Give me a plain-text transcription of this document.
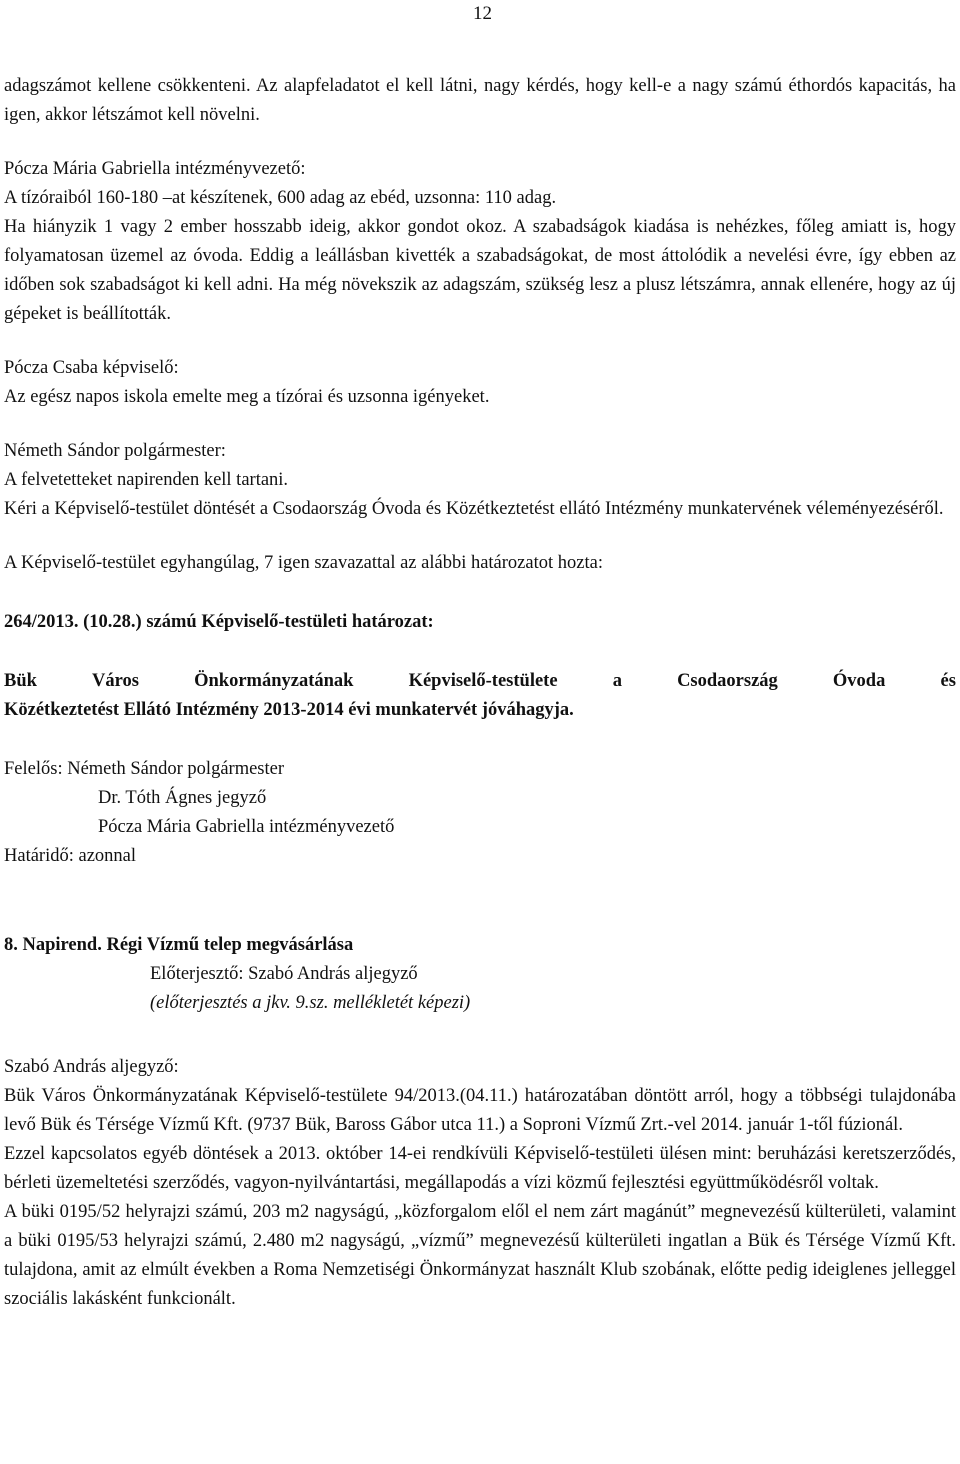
12

adagszámot kellene csökkenteni. Az alapfeladatot el kell látni, nagy kérdés, hogy kell-e a nagy számú éthordós kapacitás, ha igen, akkor létszámot kell növelni.

Pócza Mária Gabriella intézményvezető:

A tízóraiból 160-180 –at készítenek, 600 adag az ebéd, uzsonna: 110 adag.

Ha hiányzik 1 vagy 2 ember hosszabb ideig, akkor gondot okoz. A szabadságok kiadása is nehézkes, főleg amiatt is, hogy folyamatosan üzemel az óvoda. Eddig a leállásban kivették a szabadságokat, de most áttolódik a nevelési évre, így ebben az időben sok szabadságot ki kell adni. Ha még növekszik az adagszám, szükség lesz a plusz létszámra, annak ellenére, hogy az új gépeket is beállították.

Pócza Csaba képviselő:

Az egész napos iskola emelte meg a tízórai és uzsonna igényeket.

Németh Sándor polgármester:

A felvetetteket napirenden kell tartani.

Kéri a Képviselő-testület döntését a Csodaország Óvoda és Közétkeztetést ellátó Intézmény munkatervének véleményezéséről.

A Képviselő-testület egyhangúlag, 7 igen szavazattal az alábbi határozatot hozta:

264/2013. (10.28.) számú Képviselő-testületi határozat:

Bük	Város	Önkormányzatának	Képviselő-testülete	a	Csodaország	Óvoda	és

Közétkeztetést Ellátó Intézmény 2013-2014 évi munkatervét jóváhagyja.

Felelős: Németh Sándor polgármester

Dr. Tóth Ágnes jegyző

Pócza Mária Gabriella intézményvezető

Határidő: azonnal

8. Napirend. Régi Vízmű telep megvásárlása

Előterjesztő: Szabó András aljegyző

(előterjesztés a jkv. 9.sz. mellékletét képezi)

Szabó András aljegyző:

Bük Város Önkormányzatának Képviselő-testülete 94/2013.(04.11.) határozatában döntött arról, hogy a többségi tulajdonába levő Bük és Térsége Vízmű Kft. (9737 Bük, Baross Gábor utca 11.) a Soproni Vízmű Zrt.-vel 2014. január 1-től fúzionál.

Ezzel kapcsolatos egyéb döntések a 2013. október 14-ei rendkívüli Képviselő-testületi ülésen mint: beruházási keretszerződés, bérleti üzemeltetési szerződés, vagyon-nyilvántartási, megállapodás a vízi közmű fejlesztési együttműködésről voltak.

A büki 0195/52 helyrajzi számú, 203 m2 nagyságú, „közforgalom elől el nem zárt magánút” megnevezésű külterületi, valamint a büki 0195/53 helyrajzi számú, 2.480 m2 nagyságú, „vízmű” megnevezésű külterületi ingatlan a Bük és Térsége Vízmű Kft. tulajdona, amit az elmúlt években a Roma Nemzetiségi Önkormányzat használt Klub szobának, előtte pedig ideiglenes jelleggel szociális lakásként funkcionált.
